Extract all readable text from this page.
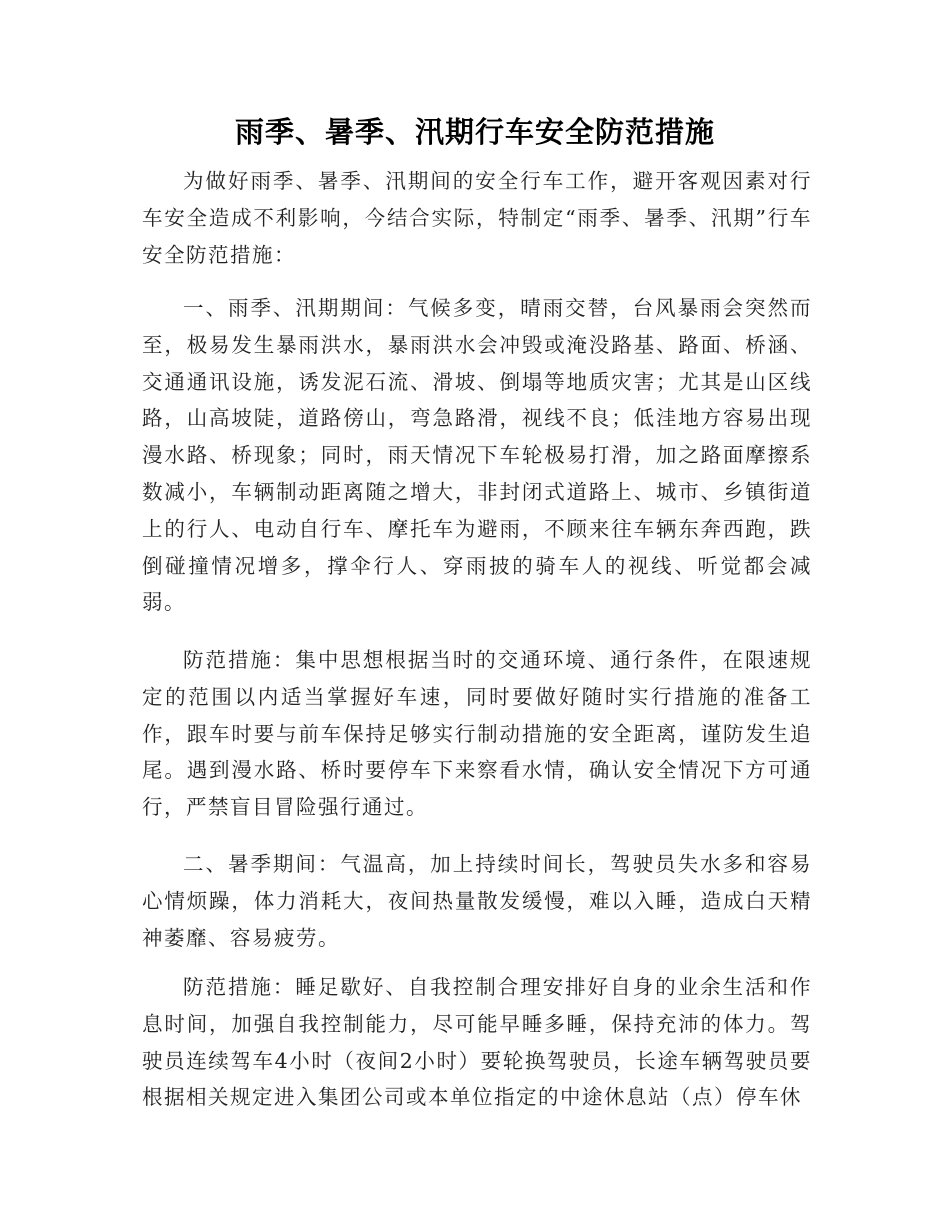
雨季、暑季、汛期行车安全防范措施

为做好雨季、暑季、汛期间的安全行车工作，避开客观因素对行车安全造成不利影响，今结合实际，特制定“雨季、暑季、汛期”行车安全防范措施：

一、雨季、汛期期间：气候多变，晴雨交替，台风暴雨会突然而至，极易发生暴雨洪水，暴雨洪水会冲毁或淹没路基、路面、桥涵、交通通讯设施，诱发泥石流、滑坡、倒塌等地质灾害；尤其是山区线路，山高坡陡，道路傍山，弯急路滑，视线不良；低洼地方容易出现漫水路、桥现象；同时，雨天情况下车轮极易打滑，加之路面摩擦系数减小，车辆制动距离随之增大，非封闭式道路上、城市、乡镇街道上的行人、电动自行车、摩托车为避雨，不顾来往车辆东奔西跑，跌倒碰撞情况增多，撑伞行人、穿雨披的骑车人的视线、听觉都会减弱。

防范措施：集中思想根据当时的交通环境、通行条件，在限速规定的范围以内适当掌握好车速，同时要做好随时实行措施的准备工作，跟车时要与前车保持足够实行制动措施的安全距离，谨防发生追尾。遇到漫水路、桥时要停车下来察看水情，确认安全情况下方可通行，严禁盲目冒险强行通过。

二、暑季期间：气温高，加上持续时间长，驾驶员失水多和容易心情烦躁，体力消耗大，夜间热量散发缓慢，难以入睡，造成白天精神萎靡、容易疲劳。

防范措施：睡足歇好、自我控制合理安排好自身的业余生活和作息时间，加强自我控制能力，尽可能早睡多睡，保持充沛的体力。驾驶员连续驾车4小时（夜间2小时）要轮换驾驶员，长途车辆驾驶员要根据相关规定进入集团公司或本单位指定的中途休息站（点）停车休
